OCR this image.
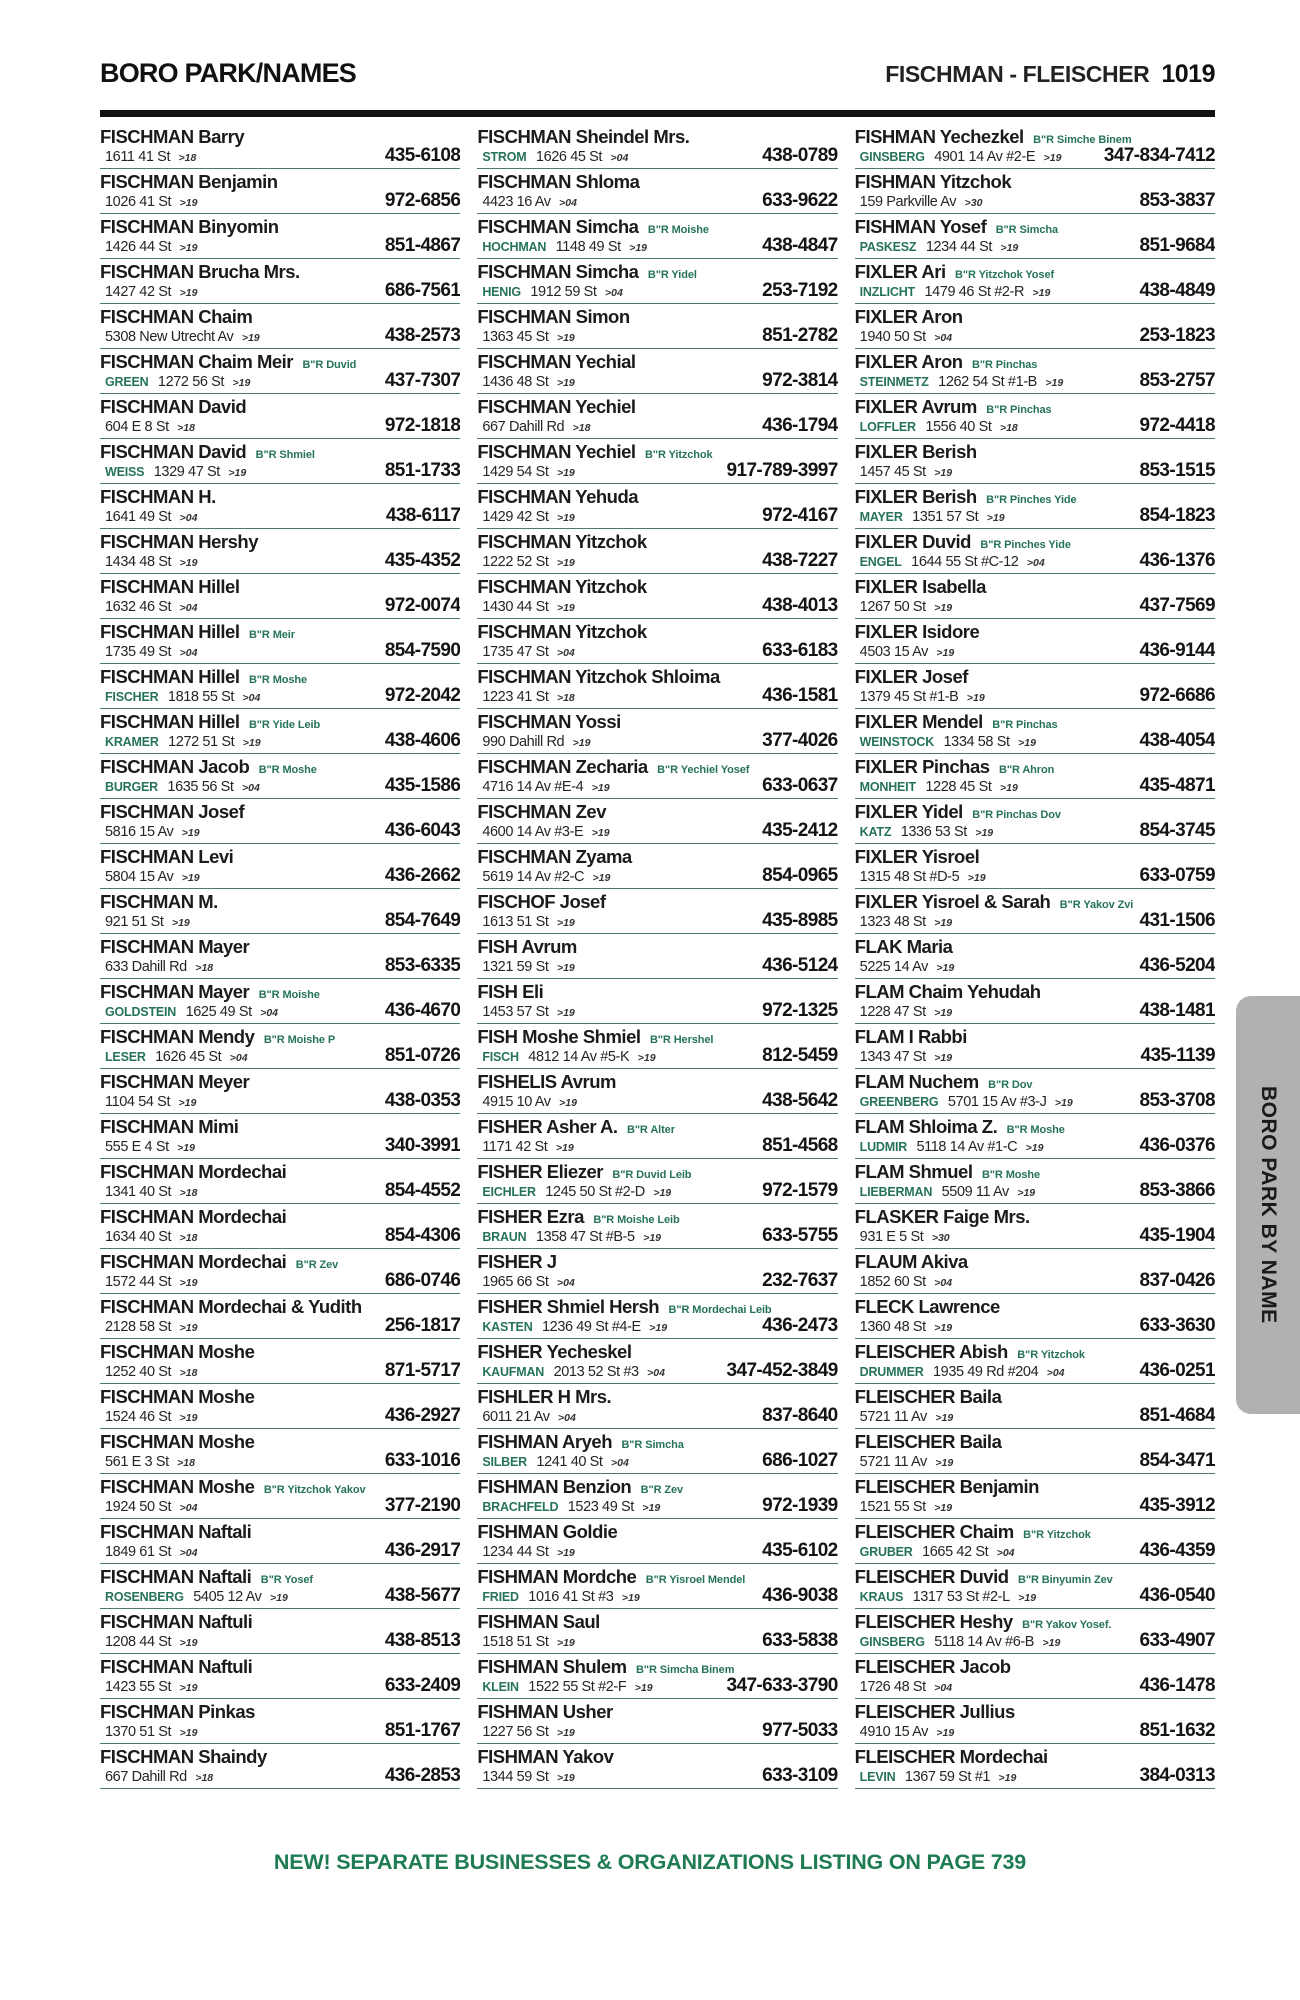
BORO PARK/NAMES	FISCHMAN - FLEISCHER 1019
FISCHMAN Barry
1611 41 St >18	435-6108
FISCHMAN Benjamin
1026 41 St >19	972-6856
FISCHMAN Binyomin
1426 44 St >19	851-4867
FISCHMAN Brucha Mrs.
1427 42 St >19	686-7561
FISCHMAN Chaim
5308 New Utrecht Av >19	438-2573
FISCHMAN Chaim Meir B"R Duvid
GREEN 1272 56 St >19	437-7307
FISCHMAN David
604 E 8 St >18	972-1818
FISCHMAN David B"R Shmiel
WEISS 1329 47 St >19	851-1733
FISCHMAN H.
1641 49 St >04	438-6117
FISCHMAN Hershy
1434 48 St >19	435-4352
FISCHMAN Hillel
1632 46 St >04	972-0074
FISCHMAN Hillel B"R Meir
1735 49 St >04	854-7590
FISCHMAN Hillel B"R Moshe
FISCHER 1818 55 St >04	972-2042
FISCHMAN Hillel B"R Yide Leib
KRAMER 1272 51 St >19	438-4606
FISCHMAN Jacob B"R Moshe
BURGER 1635 56 St >04	435-1586
FISCHMAN Josef
5816 15 Av >19	436-6043
FISCHMAN Levi
5804 15 Av >19	436-2662
FISCHMAN M.
921 51 St >19	854-7649
FISCHMAN Mayer
633 Dahill Rd >18	853-6335
FISCHMAN Mayer B"R Moishe
GOLDSTEIN 1625 49 St >04	436-4670
FISCHMAN Mendy B"R Moishe P
LESER 1626 45 St >04	851-0726
FISCHMAN Meyer
1104 54 St >19	438-0353
FISCHMAN Mimi
555 E 4 St >19	340-3991
FISCHMAN Mordechai
1341 40 St >18	854-4552
FISCHMAN Mordechai
1634 40 St >18	854-4306
FISCHMAN Mordechai B"R Zev
1572 44 St >19	686-0746
FISCHMAN Mordechai & Yudith
2128 58 St >19	256-1817
FISCHMAN Moshe
1252 40 St >18	871-5717
FISCHMAN Moshe
1524 46 St >19	436-2927
FISCHMAN Moshe
561 E 3 St >18	633-1016
FISCHMAN Moshe B"R Yitzchok Yakov
1924 50 St >04	377-2190
FISCHMAN Naftali
1849 61 St >04	436-2917
FISCHMAN Naftali B"R Yosef
ROSENBERG 5405 12 Av >19	438-5677
FISCHMAN Naftuli
1208 44 St >19	438-8513
FISCHMAN Naftuli
1423 55 St >19	633-2409
FISCHMAN Pinkas
1370 51 St >19	851-1767
FISCHMAN Shaindy
667 Dahill Rd >18	436-2853
FISCHMAN Sheindel Mrs.
STROM 1626 45 St >04	438-0789
FISCHMAN Shloma
4423 16 Av >04	633-9622
FISCHMAN Simcha B"R Moishe
HOCHMAN 1148 49 St >19	438-4847
FISCHMAN Simcha B"R Yidel
HENIG 1912 59 St >04	253-7192
FISCHMAN Simon
1363 45 St >19	851-2782
FISCHMAN Yechial
1436 48 St >19	972-3814
FISCHMAN Yechiel
667 Dahill Rd >18	436-1794
FISCHMAN Yechiel B"R Yitzchok
1429 54 St >19	917-789-3997
FISCHMAN Yehuda
1429 42 St >19	972-4167
FISCHMAN Yitzchok
1222 52 St >19	438-7227
FISCHMAN Yitzchok
1430 44 St >19	438-4013
FISCHMAN Yitzchok
1735 47 St >04	633-6183
FISCHMAN Yitzchok Shloima
1223 41 St >18	436-1581
FISCHMAN Yossi
990 Dahill Rd >19	377-4026
FISCHMAN Zecharia B"R Yechiel Yosef
4716 14 Av #E-4 >19	633-0637
FISCHMAN Zev
4600 14 Av #3-E >19	435-2412
FISCHMAN Zyama
5619 14 Av #2-C >19	854-0965
FISCHOF Josef
1613 51 St >19	435-8985
FISH Avrum
1321 59 St >19	436-5124
FISH Eli
1453 57 St >19	972-1325
FISH Moshe Shmiel B"R Hershel
FISCH 4812 14 Av #5-K >19	812-5459
FISHELIS Avrum
4915 10 Av >19	438-5642
FISHER Asher A. B"R Alter
1171 42 St >19	851-4568
FISHER Eliezer B"R Duvid Leib
EICHLER 1245 50 St #2-D >19	972-1579
FISHER Ezra B"R Moishe Leib
BRAUN 1358 47 St #B-5 >19	633-5755
FISHER J
1965 66 St >04	232-7637
FISHER Shmiel Hersh B"R Mordechai Leib
KASTEN 1236 49 St #4-E >19	436-2473
FISHER Yecheskel
KAUFMAN 2013 52 St #3 >04	347-452-3849
FISHLER H Mrs.
6011 21 Av >04	837-8640
FISHMAN Aryeh B"R Simcha
SILBER 1241 40 St >04	686-1027
FISHMAN Benzion B"R Zev
BRACHFELD 1523 49 St >19	972-1939
FISHMAN Goldie
1234 44 St >19	435-6102
FISHMAN Mordche B"R Yisroel Mendel
FRIED 1016 41 St #3 >19	436-9038
FISHMAN Saul
1518 51 St >19	633-5838
FISHMAN Shulem B"R Simcha Binem
KLEIN 1522 55 St #2-F >19	347-633-3790
FISHMAN Usher
1227 56 St >19	977-5033
FISHMAN Yakov
1344 59 St >19	633-3109
FISHMAN Yechezkel B"R Simche Binem
GINSBERG 4901 14 Av #2-E >19 347-834-7412
FISHMAN Yitzchok
159 Parkville Av >30	853-3837
FISHMAN Yosef B"R Simcha
PASKESZ 1234 44 St >19	851-9684
FIXLER Ari B"R Yitzchok Yosef
INZLICHT 1479 46 St #2-R >19	438-4849
FIXLER Aron
1940 50 St >04	253-1823
FIXLER Aron B"R Pinchas
STEINMETZ 1262 54 St #1-B >19	853-2757
FIXLER Avrum B"R Pinchas
LOFFLER 1556 40 St >18	972-4418
FIXLER Berish
1457 45 St >19	853-1515
FIXLER Berish B"R Pinches Yide
MAYER 1351 57 St >19	854-1823
FIXLER Duvid B"R Pinches Yide
ENGEL 1644 55 St #C-12 >04	436-1376
FIXLER Isabella
1267 50 St >19	437-7569
FIXLER Isidore
4503 15 Av >19	436-9144
FIXLER Josef
1379 45 St #1-B >19	972-6686
FIXLER Mendel B"R Pinchas
WEINSTOCK 1334 58 St >19	438-4054
FIXLER Pinchas B"R Ahron
MONHEIT 1228 45 St >19	435-4871
FIXLER Yidel B"R Pinchas Dov
KATZ 1336 53 St >19	854-3745
FIXLER Yisroel
1315 48 St #D-5 >19	633-0759
FIXLER Yisroel & Sarah B"R Yakov Zvi
1323 48 St >19	431-1506
FLAK Maria
5225 14 Av >19	436-5204
FLAM Chaim Yehudah
1228 47 St >19	438-1481
FLAM I Rabbi
1343 47 St >19	435-1139
FLAM Nuchem B"R Dov
GREENBERG 5701 15 Av #3-J >19	853-3708
FLAM Shloima Z. B"R Moshe
LUDMIR 5118 14 Av #1-C >19	436-0376
FLAM Shmuel B"R Moshe
LIEBERMAN 5509 11 Av >19	853-3866
FLASKER Faige Mrs.
931 E 5 St >30	435-1904
FLAUM Akiva
1852 60 St >04	837-0426
FLECK Lawrence
1360 48 St >19	633-3630
FLEISCHER Abish B"R Yitzchok
DRUMMER 1935 49 Rd #204 >04	436-0251
FLEISCHER Baila
5721 11 Av >19	851-4684
FLEISCHER Baila
5721 11 Av >19	854-3471
FLEISCHER Benjamin
1521 55 St >19	435-3912
FLEISCHER Chaim B"R Yitzchok
GRUBER 1665 42 St >04	436-4359
FLEISCHER Duvid B"R Binyumin Zev
KRAUS 1317 53 St #2-L >19	436-0540
FLEISCHER Heshy B"R Yakov Yosef.
GINSBERG 5118 14 Av #6-B >19	633-4907
FLEISCHER Jacob
1726 48 St >04	436-1478
FLEISCHER Jullius
4910 15 Av >19	851-1632
FLEISCHER Mordechai
LEVIN 1367 59 St #1 >19	384-0313
BORO PARK BY NAME
NEW! SEPARATE BUSINESSES & ORGANIZATIONS LISTING ON PAGE 739
